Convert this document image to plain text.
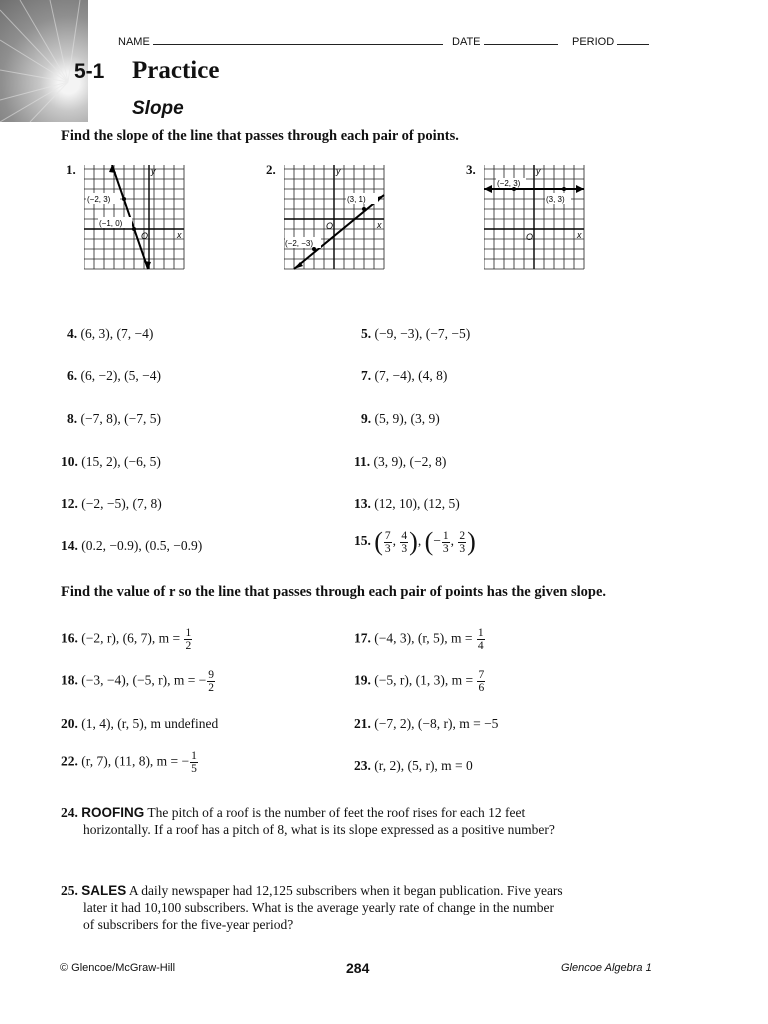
NAME	DATE	PERIOD
5-1 Practice
Slope
Find the slope of the line that passes through each pair of points.
1.
(−2, 3)
(−1, 0)
y
x
O
2.
(3, 1)
(−2, −3)
y
x
O
3.
(−2, 3)
(3, 3)
y
x
O
4. (6, 3), (7, −4)	5. (−9, −3), (−7, −5)
6. (6, −2), (5, −4)	7. (7, −4), (4, 8)
8. (−7, 8), (−7, 5)	9. (5, 9), (3, 9)
10. (15, 2), (−6, 5)	11. (3, 9), (−2, 8)
12. (−2, −5), (7, 8)	13. (12, 10), (12, 5)
14. (0.2, −0.9), (0.5, −0.9)	15. ( $\frac{7}{3}$ , $\frac{4}{3}$ ), (− $\frac{1}{3}$ , $\frac{2}{3}$ )
Find the value of r so the line that passes through each pair of points has the given slope.
16. (−2, r), (6, 7), $m = \frac{1}{2}$	17. (−4, 3), (r, 5), $m = \frac{1}{4}$
18. (−3, −4), (−5, r), m = − $\frac{9}{2}$	19. (−5, r), (1, 3), $m = \frac{7}{6}$
20. (1, 4), (r, 5), m undefined	21. (−7, 2), (−8, r), m = −5
22. (r, 7), (11, 8), m = − $\frac{1}{5}$	23. (r, 2), (5, r), m = 0
24. ROOFING The pitch of a roof is the number of feet the roof rises for each 12 feet
horizontally. If a roof has a pitch of 8, what is its slope expressed as a positive number?
25. SALES A daily newspaper had 12,125 subscribers when it began publication. Five years
later it had 10,100 subscribers. What is the average yearly rate of change in the number
of subscribers for the five-year period?
© Glencoe/McGraw-Hill	284	Glencoe Algebra 1
